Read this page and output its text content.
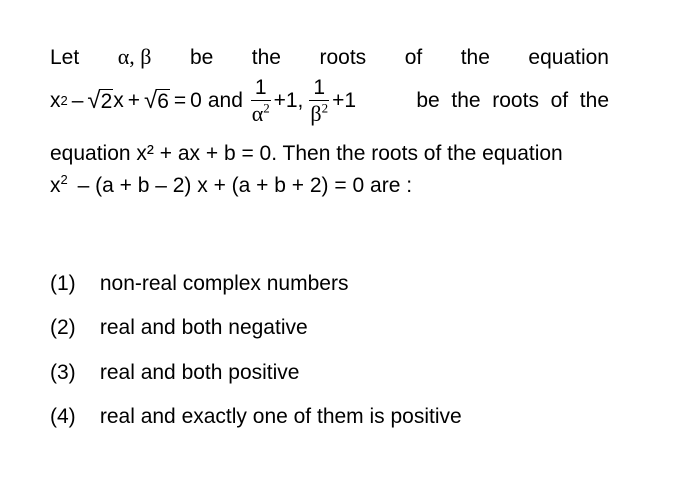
Let α, β be the roots of the equation
x 2 – √ 2 x + √ 6 = 0 and $\frac{1}{\alpha^2} +1$, $\frac{1}{\beta^2} +1$	be  the  roots  of  the
equation x² + ax + b = 0. Then the roots of the equation
$x^2 - (a + b - 2) x + (a + b + 2) = 0$ are :
(1) non-real complex numbers
(2) real and both negative
(3) real and both positive
(4) real and exactly one of them is positive
